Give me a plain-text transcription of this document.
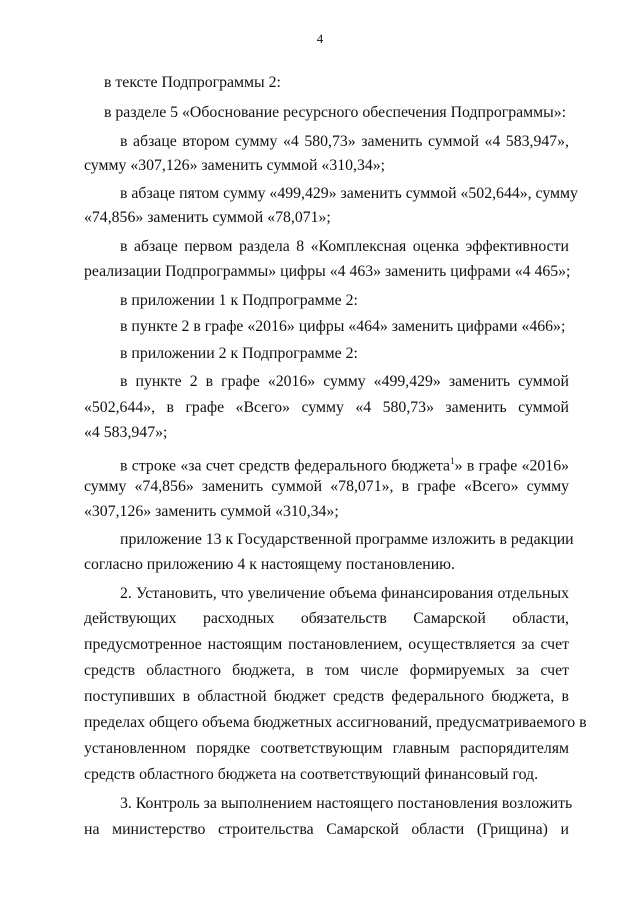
4
в тексте Подпрограммы 2:
в разделе 5 «Обоснование ресурсного обеспечения Подпрограммы»:
в абзаце втором сумму «4 580,73» заменить суммой «4 583,947»,
сумму «307,126» заменить суммой «310,34»;
в абзаце пятом сумму «499,429» заменить суммой «502,644», сумму
«74,856» заменить суммой «78,071»;
в абзаце первом раздела 8 «Комплексная оценка эффективности
реализации Подпрограммы» цифры «4 463» заменить цифрами «4 465»;
в приложении 1 к Подпрограмме 2:
в пункте 2 в графе «2016» цифры «464» заменить цифрами «466»;
в приложении 2 к Подпрограмме 2:
в пункте 2 в графе «2016» сумму «499,429» заменить суммой
«502,644», в графе «Всего» сумму «4 580,73» заменить суммой
«4 583,947»;
в строке «за счет средств федерального бюджета$^1$» в графе «2016»
сумму «74,856» заменить суммой «78,071», в графе «Всего» сумму
«307,126» заменить суммой «310,34»;
приложение 13 к Государственной программе изложить в редакции
согласно приложению 4 к настоящему постановлению.
2. Установить, что увеличение объема финансирования отдельных
действующих расходных обязательств Самарской области,
предусмотренное настоящим постановлением, осуществляется за счет
средств областного бюджета, в том числе формируемых за счет
поступивших в областной бюджет средств федерального бюджета, в
пределах общего объема бюджетных ассигнований, предусматриваемого в
установленном порядке соответствующим главным распорядителям
средств областного бюджета на соответствующий финансовый год.
3. Контроль за выполнением настоящего постановления возложить
на министерство строительства Самарской области (Грищина) и
